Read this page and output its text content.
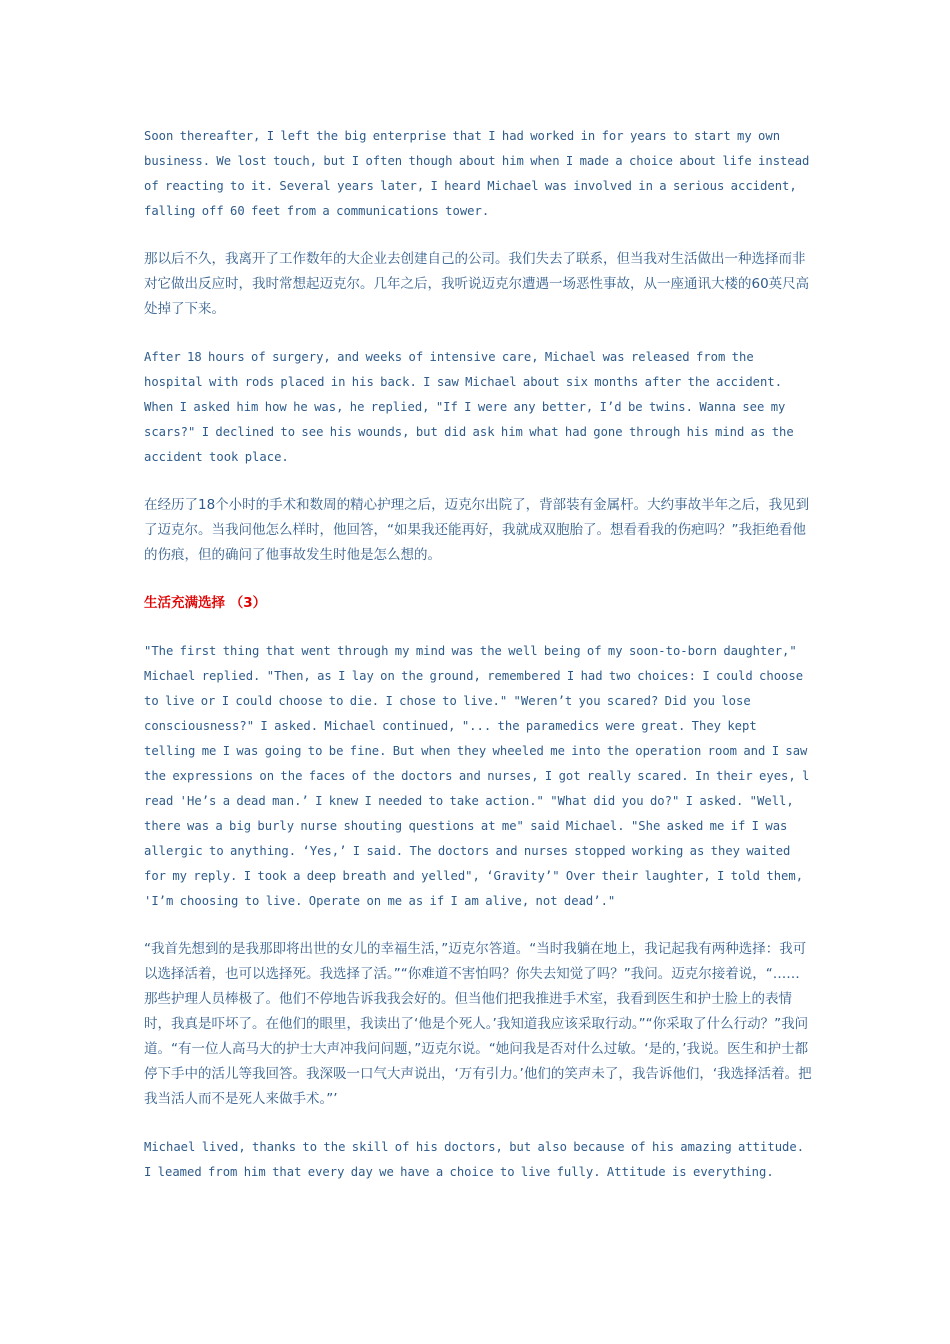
Soon thereafter, I left the big enterprise that I had worked in for years to start my own business. We lost touch, but I often though about him when I made a choice about life instead of reacting to it. Several years later, I heard Michael was involved in a serious accident, falling off 60 feet from a communications tower.

那以后不久，我离开了工作数年的大企业去创建自己的公司。我们失去了联系，但当我对生活做出一种选择而非对它做出反应时，我时常想起迈克尔。几年之后，我听说迈克尔遭遇一场恶性事故，从一座通讯大楼的60英尺高处掉了下来。

After 18 hours of surgery, and weeks of intensive care, Michael was released from the hospital with rods placed in his back. I saw Michael about six months after the accident. When I asked him how he was, he replied, "If I were any better, I’d be twins. Wanna see my scars?" I declined to see his wounds, but did ask him what had gone through his mind as the accident took place.

在经历了18个小时的手术和数周的精心护理之后，迈克尔出院了，背部装有金属杆。大约事故半年之后，我见到了迈克尔。当我问他怎么样时，他回答，“如果我还能再好，我就成双胞胎了。想看看我的伤疤吗？”我拒绝看他的伤痕，但的确问了他事故发生时他是怎么想的。

生活充满选择 （3）

"The first thing that went through my mind was the well being of my soon-to-born daughter," Michael replied. "Then, as I lay on the ground, remembered I had two choices: I could choose to live or I could choose to die. I chose to live." "Weren’t you scared? Did you lose consciousness?" I asked. Michael continued, "... the paramedics were great. They kept telling me I was going to be fine. But when they wheeled me into the operation room and I saw the expressions on the faces of the doctors and nurses, I got really scared. In their eyes, l read 'He’s a dead man.’ I knew I needed to take action." "What did you do?" I asked. "Well, there was a big burly nurse shouting questions at me" said Michael. "She asked me if I was allergic to anything. ‘Yes,’ I said. The doctors and nurses stopped working as they waited for my reply. I took a deep breath and yelled", ‘Gravity’" Over their laughter, I told them, 'I’m choosing to live. Operate on me as if I am alive, not dead’."

“我首先想到的是我那即将出世的女儿的幸福生活，”迈克尔答道。“当时我躺在地上，我记起我有两种选择：我可以选择活着，也可以选择死。我选择了活。”“你难道不害怕吗？你失去知觉了吗？”我问。迈克尔接着说，“……那些护理人员棒极了。他们不停地告诉我我会好的。但当他们把我推进手术室，我看到医生和护士脸上的表情时，我真是吓坏了。在他们的眼里，我读出了‘他是个死人。’我知道我应该采取行动。”“你采取了什么行动？”我问道。“有一位人高马大的护士大声冲我问问题，”迈克尔说。“她问我是否对什么过敏。‘是的，’我说。医生和护士都停下手中的活儿等我回答。我深吸一口气大声说出，‘万有引力。’他们的笑声未了，我告诉他们，‘我选择活着。把我当活人而不是死人来做手术。”’

Michael lived, thanks to the skill of his doctors, but also because of his amazing attitude. I leamed from him that every day we have a choice to live fully. Attitude is everything.
